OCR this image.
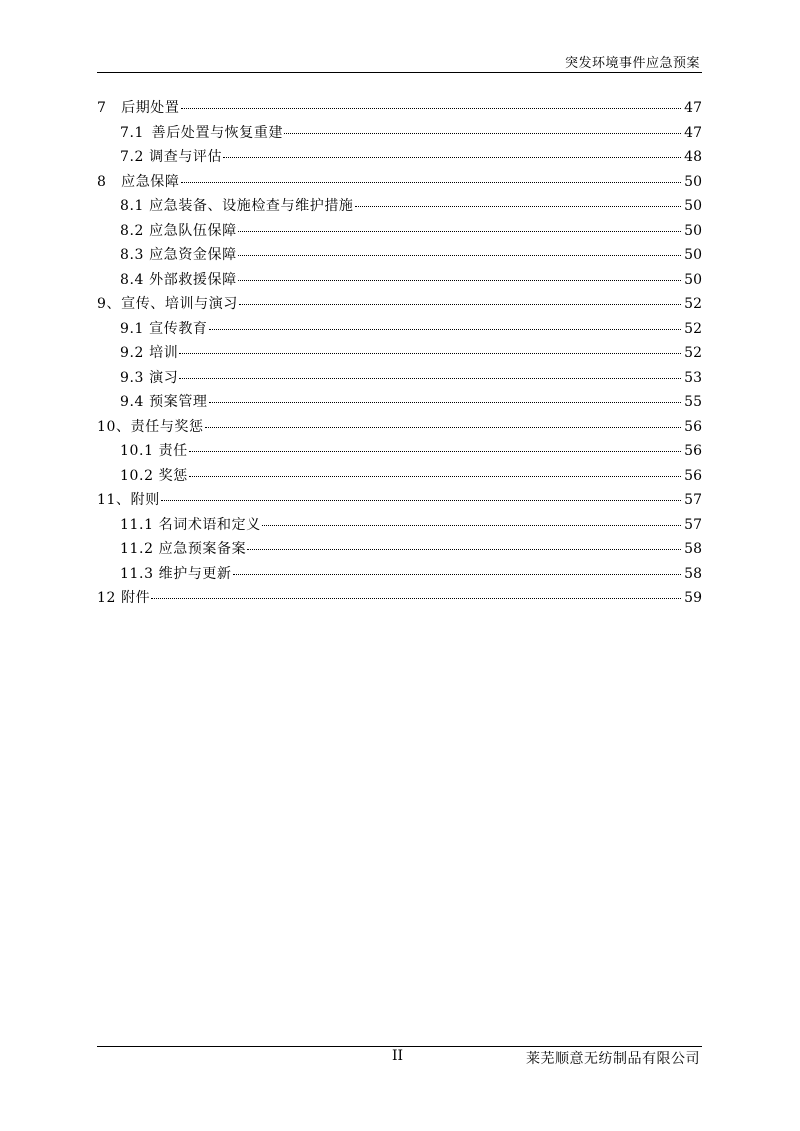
突发环境事件应急预案
7 后期处置	47
7.1 善后处置与恢复重建	47
7.2 调查与评估	48
8 应急保障	50
8.1 应急装备、设施检查与维护措施	50
8.2 应急队伍保障	50
8.3 应急资金保障	50
8.4 外部救援保障	50
9、宣传、培训与演习	52
9.1 宣传教育	52
9.2 培训	52
9.3 演习	53
9.4 预案管理	55
10、责任与奖惩	56
10.1 责任	56
10.2 奖惩	56
11、附则	57
11.1 名词术语和定义	57
11.2 应急预案备案	58
11.3 维护与更新	58
12 附件	59
II	莱芜顺意无纺制品有限公司
